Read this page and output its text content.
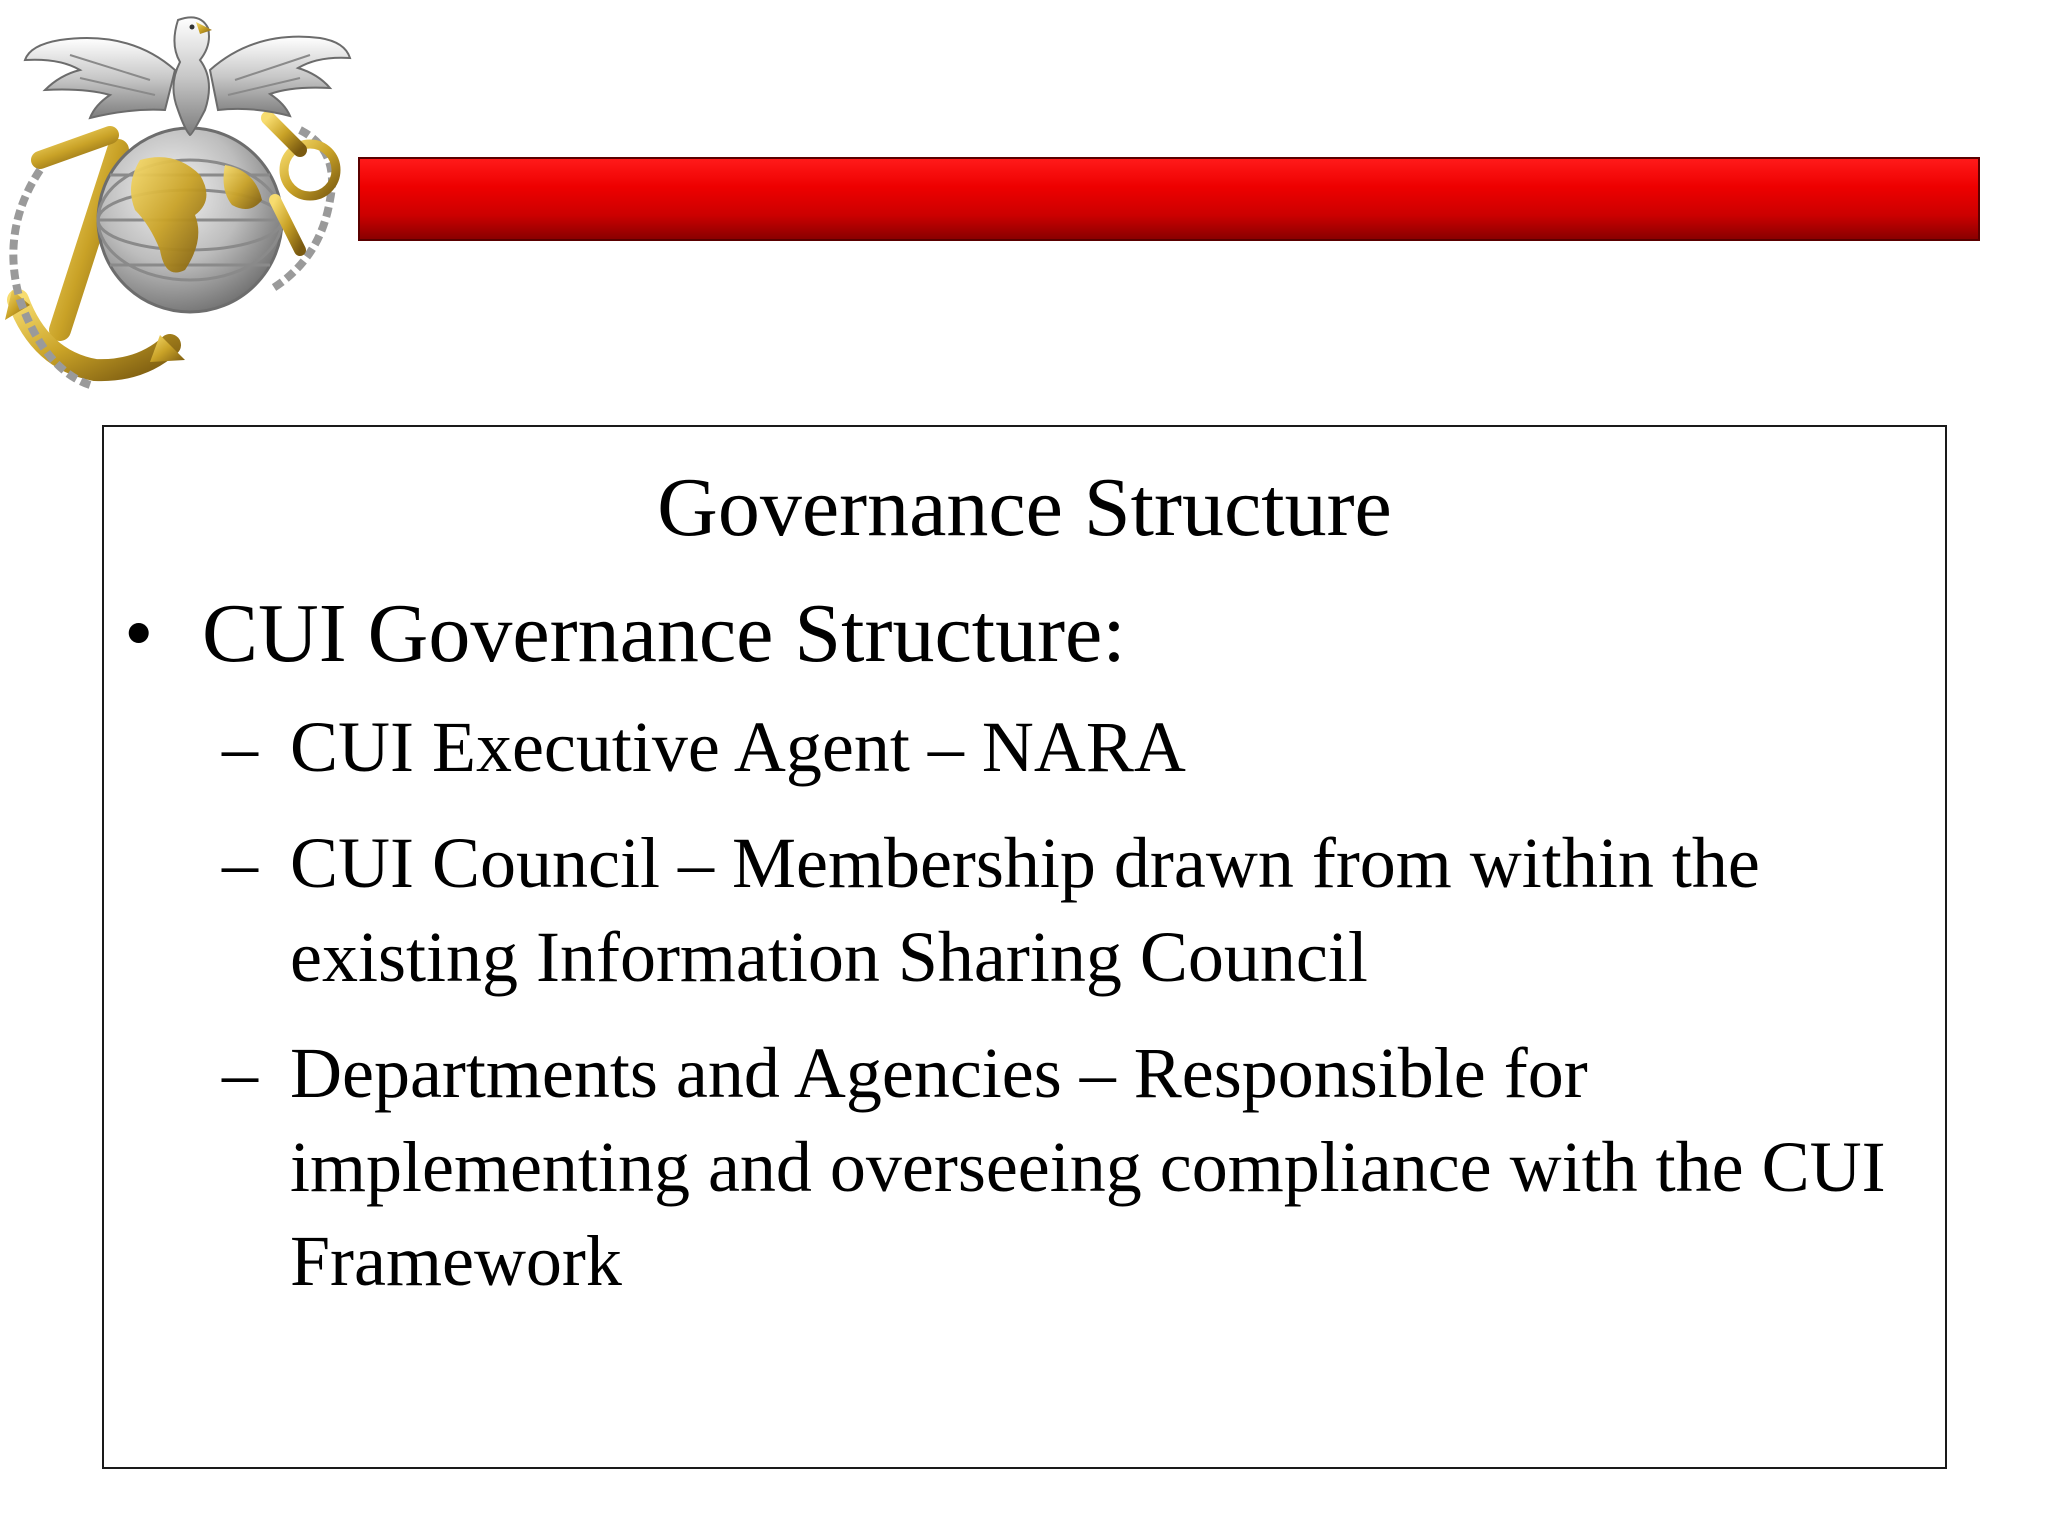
Governance Structure
• CUI Governance Structure:
– CUI Executive Agent – NARA
– CUI Council – Membership drawn from within the existing Information Sharing Council
– Departments and Agencies – Responsible for implementing and overseeing compliance with the CUI Framework
